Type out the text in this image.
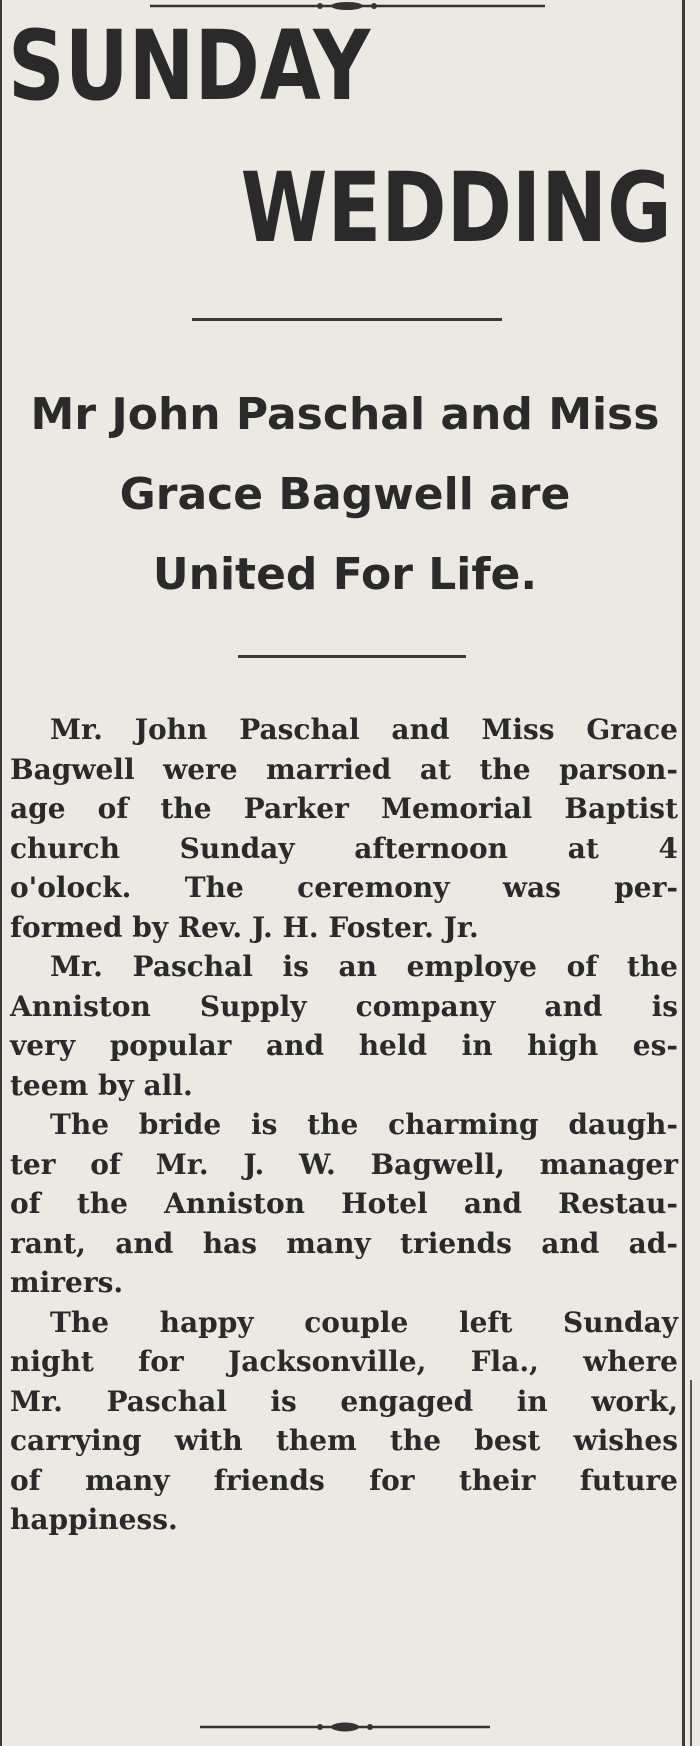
SUNDAY
WEDDING
Mr John Paschal and Miss
Grace Bagwell are
United For Life.
Mr. John Paschal and Miss Grace
Bagwell were married at the parson-
age of the Parker Memorial Baptist
church Sunday afternoon at 4
o'olock. The ceremony was per-
formed by Rev. J. H. Foster. Jr.
Mr. Paschal is an employe of the
Anniston Supply company and is
very popular and held in high es-
teem by all.
The bride is the charming daugh-
ter of Mr. J. W. Bagwell, manager
of the Anniston Hotel and Restau-
rant, and has many triends and ad-
mirers.
The happy couple left Sunday
night for Jacksonville, Fla., where
Mr. Paschal is engaged in work,
carrying with them the best wishes
of many friends for their future
happiness.
